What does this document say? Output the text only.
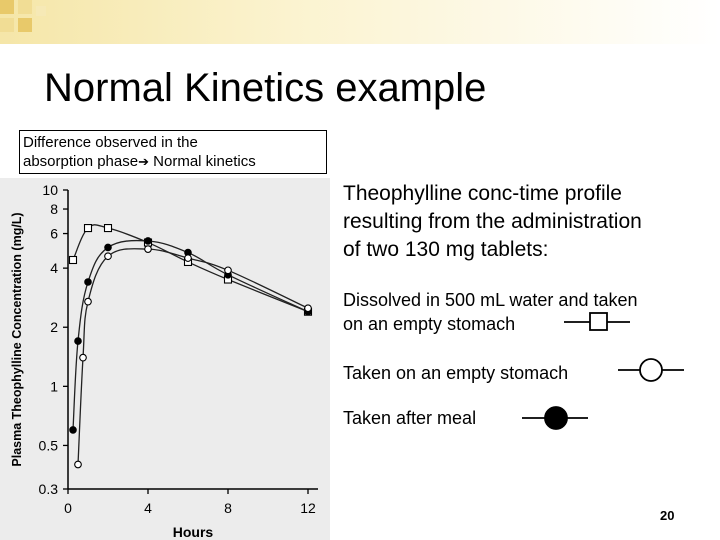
Normal Kinetics example
Difference observed in the
absorption phase➔ Normal kinetics
0.3
0.5
1
2
4
6
8
10
0	4	8	12
Hours
Plasma Theophylline Concentration (mg/L)
Theophylline conc-time profile
resulting from the administration
of two 130 mg tablets:
Dissolved in 500 mL water and taken
on an empty stomach
Taken on an empty stomach
Taken after meal
20
